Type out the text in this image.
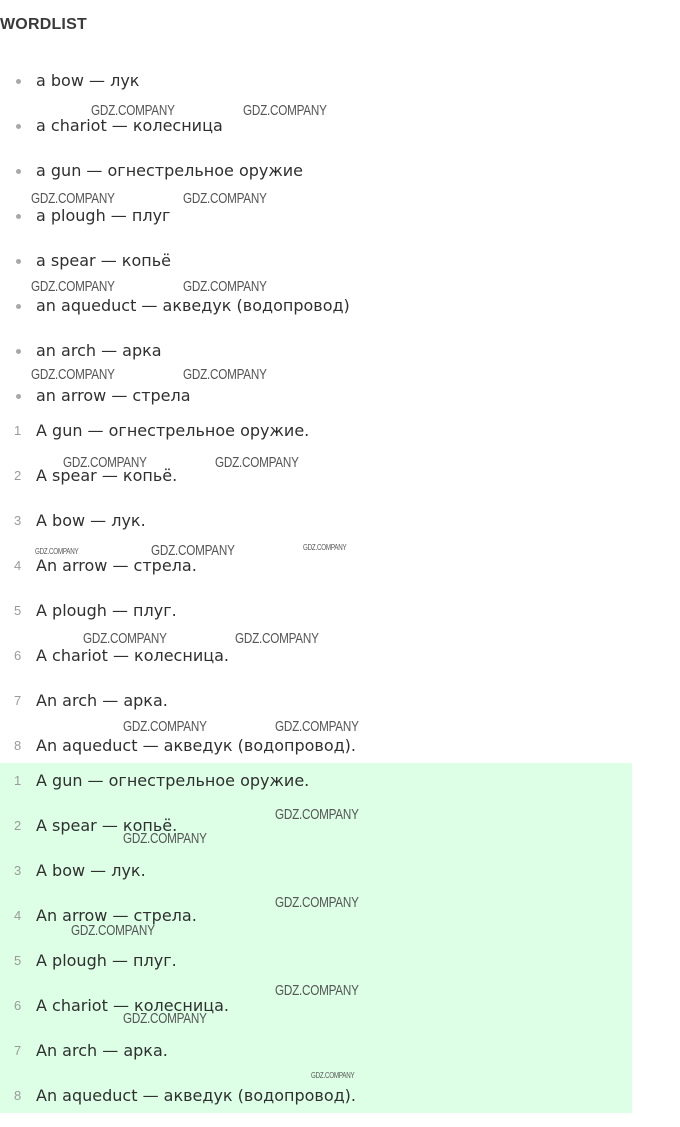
WORDLIST
a bow — лук
a chariot — колесница
a gun — огнестрельное оружие
a plough — плуг
a spear — копьё
an aqueduct — акведук (водопровод)
an arch — арка
an arrow — стрела
1 A gun — огнестрельное оружие.
2 A spear — копьё.
3 A bow — лук.
4 An arrow — стрела.
5 A plough — плуг.
6 A chariot — колесница.
7 An arch — арка.
8 An aqueduct — акведук (водопровод).
1 A gun — огнестрельное оружие.
2 A spear — копьё.
3 A bow — лук.
4 An arrow — стрела.
5 A plough — плуг.
6 A chariot — колесница.
7 An arch — арка.
8 An aqueduct — акведук (водопровод).
GDZ.COMPANY	GDZ.COMPANY
GDZ.COMPANY	GDZ.COMPANY
GDZ.COMPANY	GDZ.COMPANY
GDZ.COMPANY	GDZ.COMPANY
GDZ.COMPANY	GDZ.COMPANY
GDZ.COMPANY	GDZ.COMPANY	GDZ.COMPANY
GDZ.COMPANY	GDZ.COMPANY
GDZ.COMPANY	GDZ.COMPANY
GDZ.COMPANY
GDZ.COMPANY
GDZ.COMPANY
GDZ.COMPANY
GDZ.COMPANY
GDZ.COMPANY
GDZ.COMPANY
